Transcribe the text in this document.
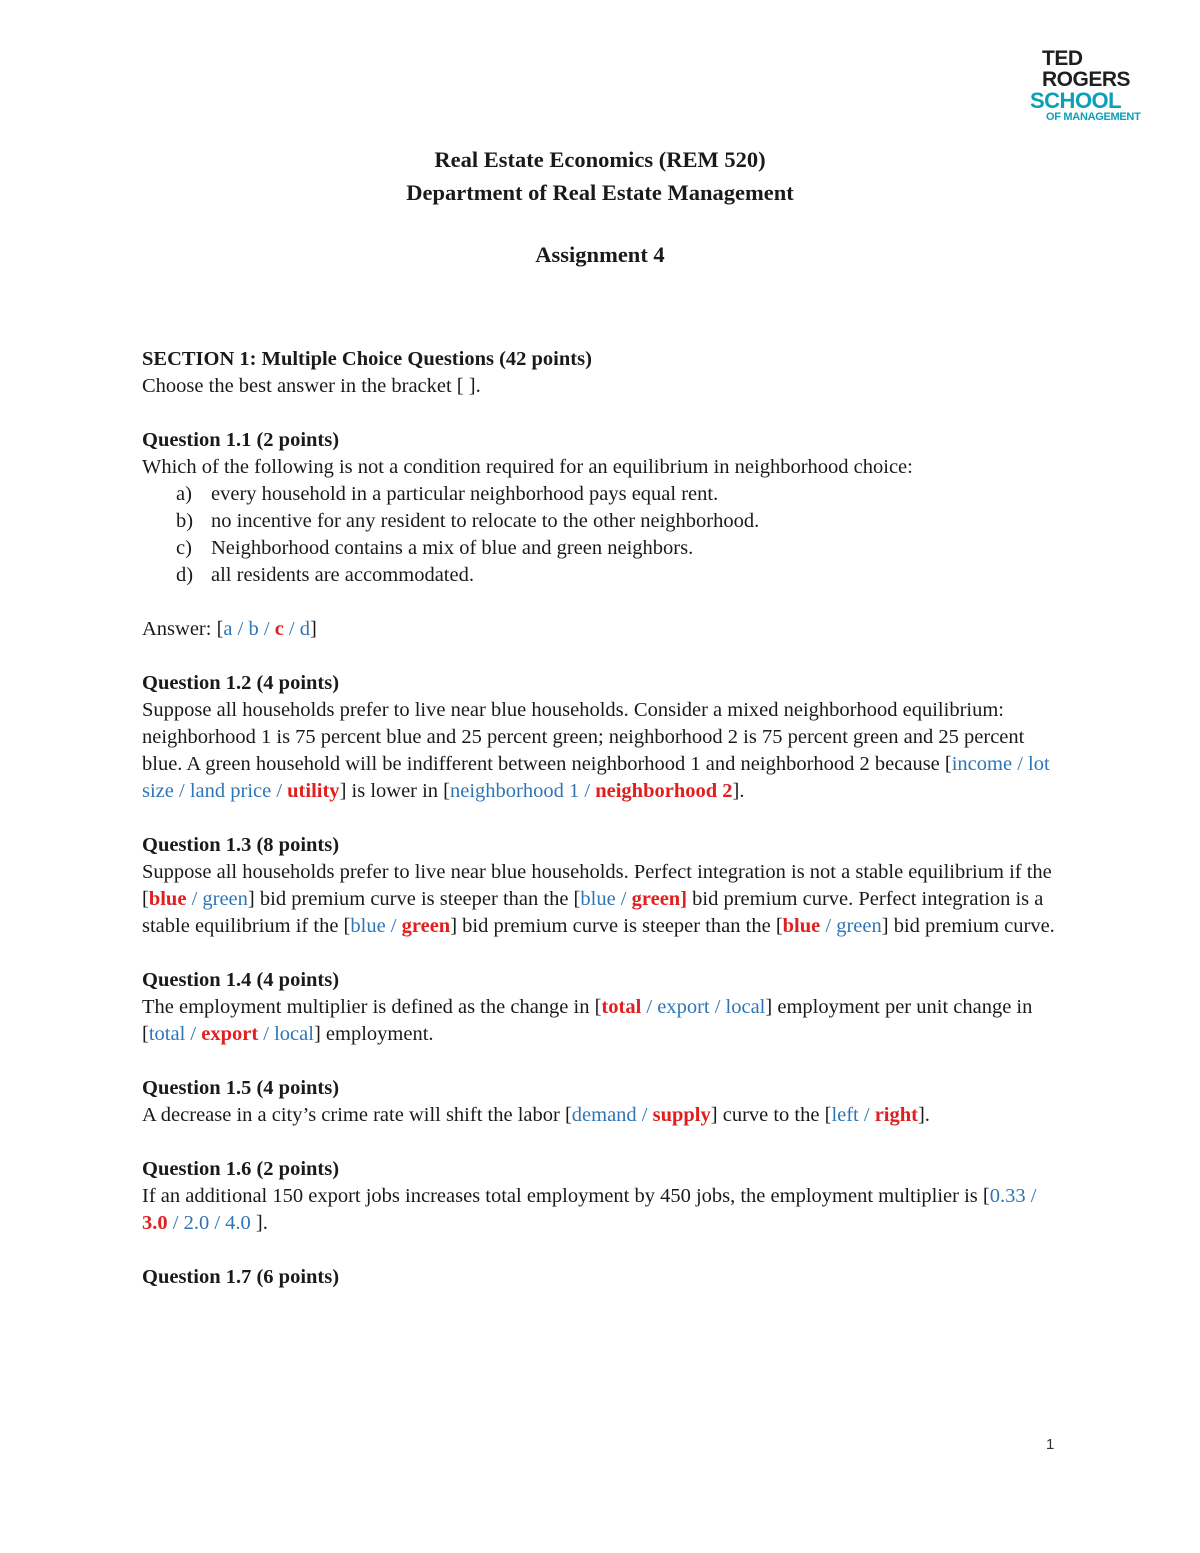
TED
ROGERS
SCHOOL
OF MANAGEMENT
Real Estate Economics (REM 520)
Department of Real Estate Management
Assignment 4

SECTION 1: Multiple Choice Questions (42 points)

Choose the best answer in the bracket [ ].

Question 1.1 (2 points)

Which of the following is not a condition required for an equilibrium in neighborhood choice:

a) every household in a particular neighborhood pays equal rent.
b) no incentive for any resident to relocate to the other neighborhood.
c) Neighborhood contains a mix of blue and green neighbors.
d) all residents are accommodated.

Answer: [a / b / c / d]

Question 1.2 (4 points)

Suppose all households prefer to live near blue households. Consider a mixed neighborhood equilibrium: neighborhood 1 is 75 percent blue and 25 percent green; neighborhood 2 is 75 percent green and 25 percent blue. A green household will be indifferent between neighborhood 1 and neighborhood 2 because [income / lot size / land price / utility] is lower in [neighborhood 1 / neighborhood 2].

Question 1.3 (8 points)

Suppose all households prefer to live near blue households. Perfect integration is not a stable equilibrium if the [blue / green] bid premium curve is steeper than the [blue / green] bid premium curve. Perfect integration is a stable equilibrium if the [blue / green] bid premium curve is steeper than the [blue / green] bid premium curve.

Question 1.4 (4 points)

The employment multiplier is defined as the change in [total / export / local] employment per unit change in [total / export / local] employment.

Question 1.5 (4 points)

A decrease in a city’s crime rate will shift the labor [demand / supply] curve to the [left / right].

Question 1.6 (2 points)

If an additional 150 export jobs increases total employment by 450 jobs, the employment multiplier is [0.33 / 3.0 / 2.0 / 4.0 ].

Question 1.7 (6 points)

1
